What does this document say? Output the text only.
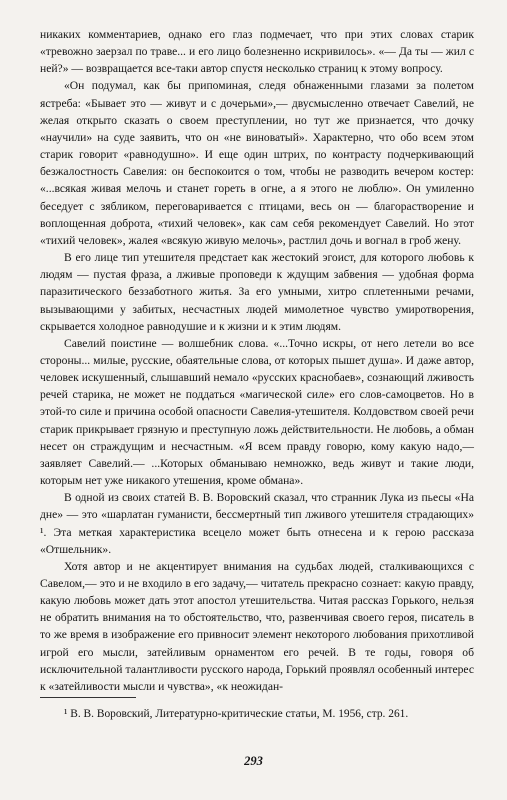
никаких комментариев, однако его глаз подмечает, что при этих словах старик «тревожно заерзал по траве... и его лицо болезненно искривилось». «— Да ты — жил с ней?» — возвращается все-таки автор спустя несколько страниц к этому вопросу.

«Он подумал, как бы припоминая, следя обнаженными глазами за полетом ястреба: «Бывает это — живут и с дочерьми»,— двусмысленно отвечает Савелий, не желая открыто сказать о своем преступлении, но тут же признается, что дочку «научили» на суде заявить, что он «не виноватый». Характерно, что обо всем этом старик говорит «равнодушно». И еще один штрих, по контрасту подчеркивающий безжалостность Савелия: он беспокоится о том, чтобы не разводить вечером костер: «...всякая живая мелочь и станет гореть в огне, а я этого не люблю». Он умиленно беседует с зябликом, переговаривается с птицами, весь он — благорастворение и воплощенная доброта, «тихий человек», как сам себя рекомендует Савелий. Но этот «тихий человек», жалея «всякую живую мелочь», растлил дочь и вогнал в гроб жену.

В его лице тип утешителя предстает как жестокий эгоист, для которого любовь к людям — пустая фраза, а лживые проповеди к ждущим забвения — удобная форма паразитического беззаботного житья. За его умными, хитро сплетенными речами, вызывающими у забитых, несчастных людей мимолетное чувство умиротворения, скрывается холодное равнодушие и к жизни и к этим людям.

Савелий поистине — волшебник слова. «...Точно искры, от него летели во все стороны... милые, русские, обаятельные слова, от которых пышет душа». И даже автор, человек искушенный, слышавший немало «русских краснобаев», сознающий лживость речей старика, не может не поддаться «магической силе» его слов-самоцветов. Но в этой-то силе и причина особой опасности Савелия-утешителя. Колдовством своей речи старик прикрывает грязную и преступную ложь действительности. Не любовь, а обман несет он страждущим и несчастным. «Я всем правду говорю, кому какую надо,— заявляет Савелий.— ...Которых обманываю немножко, ведь живут и такие люди, которым нет уже никакого утешения, кроме обмана».

В одной из своих статей В. В. Воровский сказал, что странник Лука из пьесы «На дне» — это «шарлатан гуманисти, бессмертный тип лживого утешителя страдающих» ¹. Эта меткая характеристика всецело может быть отнесена и к герою рассказа «Отшельник».

Хотя автор и не акцентирует внимания на судьбах людей, сталкивающихся с Савелом,— это и не входило в его задачу,— читатель прекрасно сознает: какую правду, какую любовь может дать этот апостол утешительства. Читая рассказ Горького, нельзя не обратить внимания на то обстоятельство, что, развенчивая своего героя, писатель в то же время в изображение его привносит элемент некоторого любования прихотливой игрой его мысли, затейливым орнаментом его речей. В те годы, говоря об исключительной талантливости русского народа, Горький проявлял особенный интерес к «затейливости мысли и чувства», «к неожидан-

¹ В. В. Воровский, Литературно-критические статьи, М. 1956, стр. 261.

293
